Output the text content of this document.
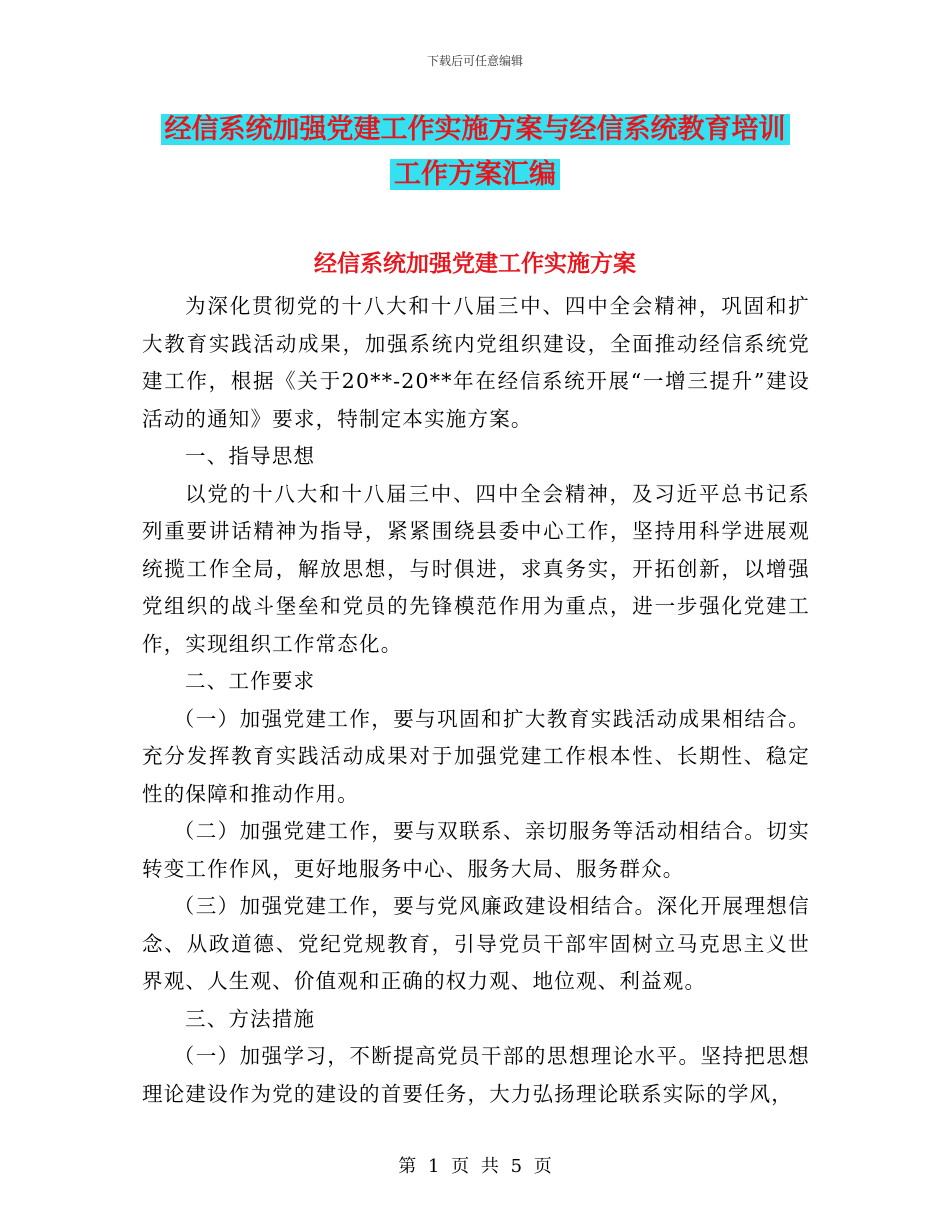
下载后可任意编辑
经信系统加强党建工作实施方案与经信系统教育培训
工作方案汇编
经信系统加强党建工作实施方案

为深化贯彻党的十八大和十八届三中、四中全会精神，巩固和扩大教育实践活动成果，加强系统内党组织建设，全面推动经信系统党建工作，根据《关于20**-20**年在经信系统开展“一增三提升”建设活动的通知》要求，特制定本实施方案。

一、指导思想

以党的十八大和十八届三中、四中全会精神，及习近平总书记系列重要讲话精神为指导，紧紧围绕县委中心工作，坚持用科学进展观统揽工作全局，解放思想，与时俱进，求真务实，开拓创新，以增强党组织的战斗堡垒和党员的先锋模范作用为重点，进一步强化党建工作，实现组织工作常态化。

二、工作要求

（一）加强党建工作，要与巩固和扩大教育实践活动成果相结合。充分发挥教育实践活动成果对于加强党建工作根本性、长期性、稳定性的保障和推动作用。

（二）加强党建工作，要与双联系、亲切服务等活动相结合。切实转变工作作风，更好地服务中心、服务大局、服务群众。

（三）加强党建工作，要与党风廉政建设相结合。深化开展理想信念、从政道德、党纪党规教育，引导党员干部牢固树立马克思主义世界观、人生观、价值观和正确的权力观、地位观、利益观。

三、方法措施

（一）加强学习，不断提高党员干部的思想理论水平。坚持把思想理论建设作为党的建设的首要任务，大力弘扬理论联系实际的学风，

第 1 页 共 5 页
